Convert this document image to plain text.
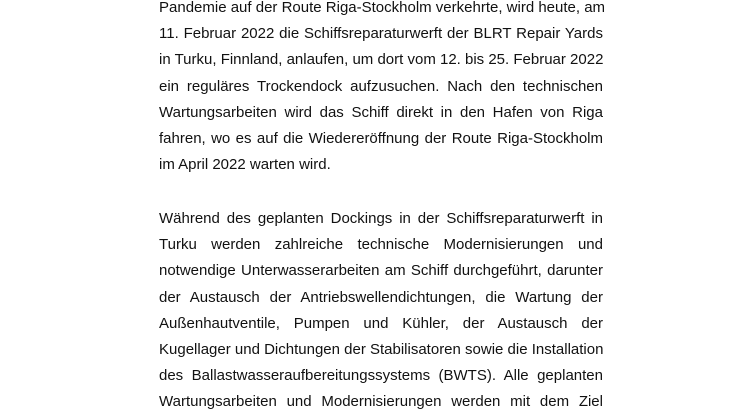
Pandemie auf der Route Riga-Stockholm verkehrte, wird heute, am
11. Februar 2022 die Schiffsreparaturwerft der BLRT Repair Yards
in Turku, Finnland, anlaufen, um dort vom 12. bis 25. Februar 2022
ein reguläres Trockendock aufzusuchen. Nach den technischen
Wartungsarbeiten wird das Schiff direkt in den Hafen von Riga
fahren, wo es auf die Wiedereröffnung der Route Riga-Stockholm
im April 2022 warten wird.
Während des geplanten Dockings in der Schiffsreparaturwerft in
Turku werden zahlreiche technische Modernisierungen und
notwendige Unterwasserarbeiten am Schiff durchgeführt, darunter
der Austausch der Antriebswellendichtungen, die Wartung der
Außenhautventile, Pumpen und Kühler, der Austausch der
Kugellager und Dichtungen der Stabilisatoren sowie die Installation
des Ballastwasseraufbereitungssystems (BWTS). Alle geplanten
Wartungsarbeiten und Modernisierungen werden mit dem Ziel
